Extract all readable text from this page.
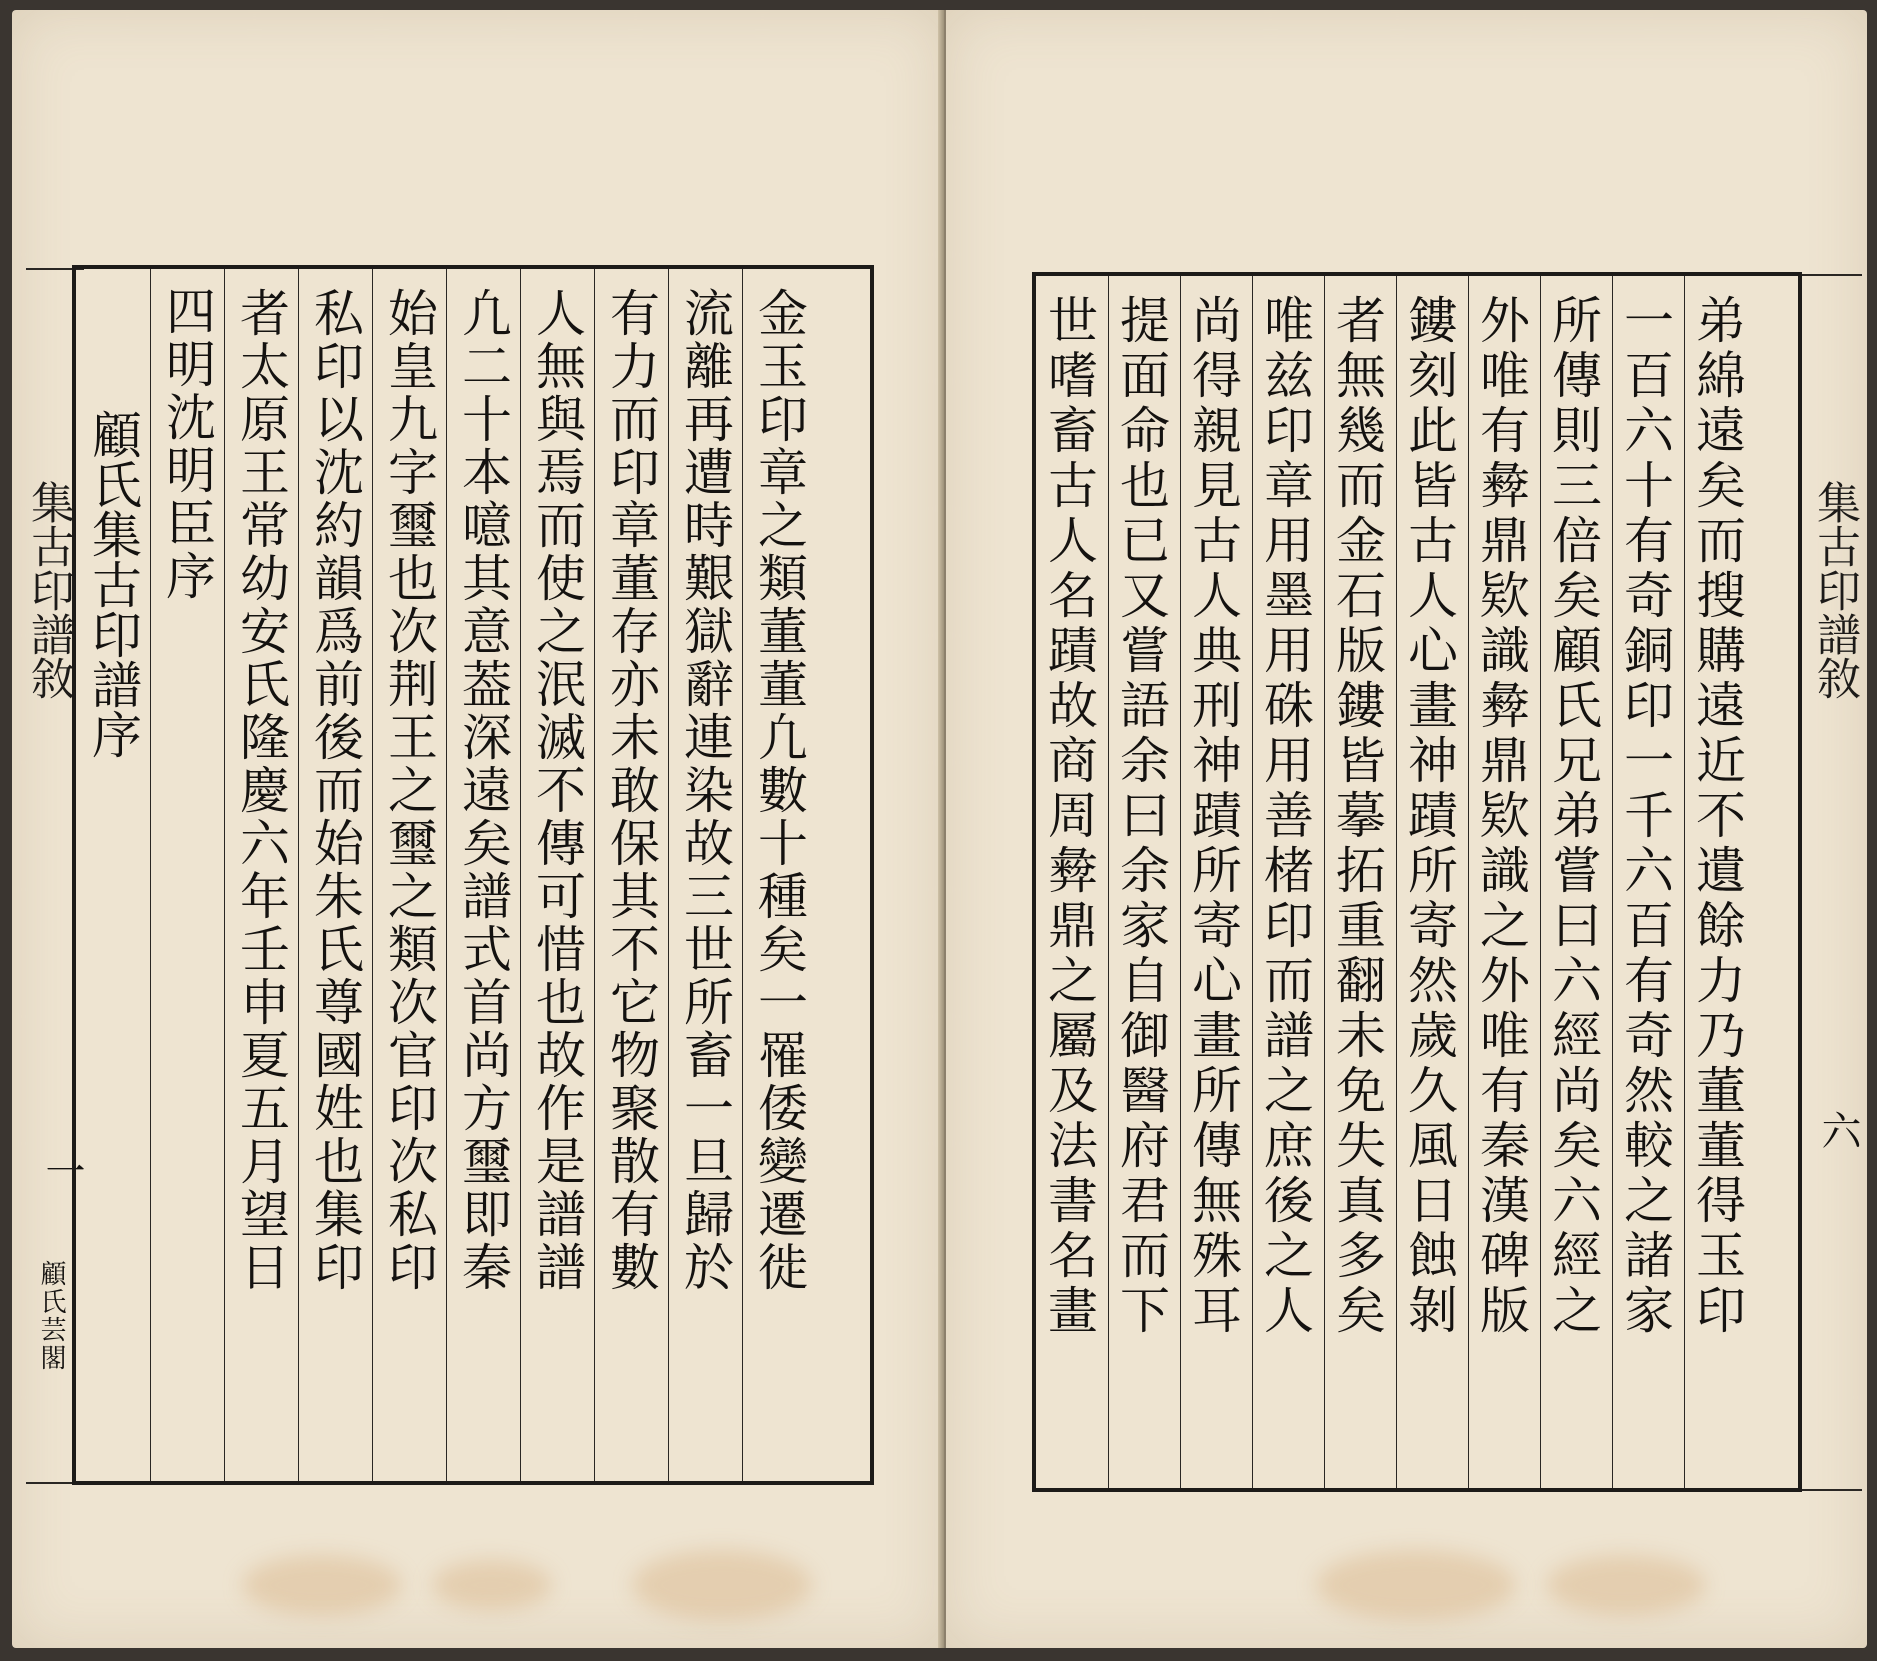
集古印譜敘
一
顧氏芸閣
顧氏集古印譜序 四明沈明臣序 者太原王常幼安氏隆慶六年壬申夏五月望日 私印以沈約韻爲前後而始朱氏尊國姓也集印 始皇九字璽也次荆王之璽之類次官印次私印 凢二十本噫其意葢深遠矣譜式首尚方璽即秦 人無與焉而使之泯滅不傳可惜也故作是譜譜 有力而印章董存亦未敢保其不它物聚散有數 流離再遭時艱獄辭連染故三世所畜一旦歸於 金玉印章之類董董凢數十種矣一罹倭變遷徙	世嗜畜古人名蹟故商周彜鼎之屬及法書名畫 提面命也已又嘗語余曰余家自御醫府君而下 尚得親見古人典刑神蹟所寄心畫所傳無殊耳 唯兹印章用墨用硃用善楮印而譜之庶後之人 者無幾而金石版鏤皆摹拓重翻未免失真多矣 鏤刻此皆古人心畫神蹟所寄然歲久風日蝕剝 外唯有彜鼎欵識彜鼎欵識之外唯有秦漢碑版 所傳則三倍矣顧氏兄弟嘗曰六經尚矣六經之 一百六十有奇銅印一千六百有奇然較之諸家 弟綿遠矣而搜購遠近不遺餘力乃董董得玉印 集古印譜敘
六
